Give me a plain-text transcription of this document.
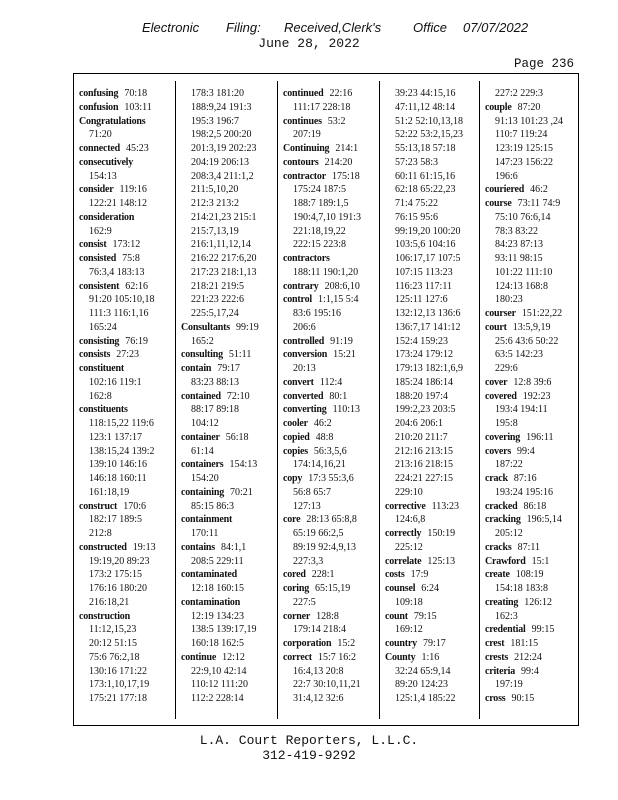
Electronic Filing: Received,Clerk's Office 07/07/2022
June 28, 2022
Page 236
confusing 70:18
confusion 103:11
Congratulations
71:20
connected 45:23
consecutively
154:13
consider 119:16
122:21 148:12
consideration
162:9
consist 173:12
consisted 75:8
76:3,4 183:13
consistent 62:16
91:20 105:10,18
111:3 116:1,16
165:24
consisting 76:19
consists 27:23
constituent
102:16 119:1
162:8
constituents
118:15,22 119:6
123:1 137:17
138:15,24 139:2
139:10 146:16
146:18 160:11
161:18,19
construct 170:6
182:17 189:5
212:8
constructed 19:13
19:19,20 89:23
173:2 175:15
176:16 180:20
216:18,21
construction
11:12,15,23
20:12 51:15
75:6 76:2,18
130:16 171:22
173:1,10,17,19
175:21 177:18
178:3 181:20
188:9,24 191:3
195:3 196:7
198:2,5 200:20
201:3,19 202:23
204:19 206:13
208:3,4 211:1,2
211:5,10,20
212:3 213:2
214:21,23 215:1
215:7,13,19
216:1,11,12,14
216:22 217:6,20
217:23 218:1,13
218:21 219:5
221:23 222:6
225:5,17,24
Consultants 99:19
165:2
consulting 51:11
contain 79:17
83:23 88:13
contained 72:10
88:17 89:18
104:12
container 56:18
61:14
containers 154:13
154:20
containing 70:21
85:15 86:3
containment
170:11
contains 84:1,1
208:5 229:11
contaminated
12:18 160:15
contamination
12:19 134:23
138:5 139:17,19
160:18 162:5
continue 12:12
22:9,10 42:14
110:12 111:20
112:2 228:14
continued 22:16
111:17 228:18
continues 53:2
207:19
Continuing 214:1
contours 214:20
contractor 175:18
175:24 187:5
188:7 189:1,5
190:4,7,10 191:3
221:18,19,22
222:15 223:8
contractors
188:11 190:1,20
contrary 208:6,10
control 1:1,15 5:4
83:6 195:16
206:6
controlled 91:19
conversion 15:21
20:13
convert 112:4
converted 80:1
converting 110:13
cooler 46:2
copied 48:8
copies 56:3,5,6
174:14,16,21
copy 17:3 55:3,6
56:8 65:7
127:13
core 28:13 65:8,8
65:19 66:2,5
89:19 92:4,9,13
227:3,3
cored 228:1
coring 65:15,19
227:5
corner 128:8
179:14 218:4
corporation 15:2
correct 15:7 16:2
16:4,13 20:8
22:7 30:10,11,21
31:4,12 32:6
39:23 44:15,16
47:11,12 48:14
51:2 52:10,13,18
52:22 53:2,15,23
55:13,18 57:18
57:23 58:3
60:11 61:15,16
62:18 65:22,23
71:4 75:22
76:15 95:6
99:19,20 100:20
103:5,6 104:16
106:17,17 107:5
107:15 113:23
116:23 117:11
125:11 127:6
132:12,13 136:6
136:7,17 141:12
152:4 159:23
173:24 179:12
179:13 182:1,6,9
185:24 186:14
188:20 197:4
199:2,23 203:5
204:6 206:1
210:20 211:7
212:16 213:15
213:16 218:15
224:21 227:15
229:10
corrective 113:23
124:6,8
correctly 150:19
225:12
correlate 125:13
costs 17:9
counsel 6:24
109:18
count 79:15
169:12
country 79:17
County 1:16
32:24 65:9,14
89:20 124:23
125:1,4 185:22
227:2 229:3
couple 87:20
91:13 101:23 ,24
110:7 119:24
123:19 125:15
147:23 156:22
196:6
couriered 46:2
course 73:11 74:9
75:10 76:6,14
78:3 83:22
84:23 87:13
93:11 98:15
101:22 111:10
124:13 168:8
180:23
courser 151:22,22
court 13:5,9,19
25:6 43:6 50:22
63:5 142:23
229:6
cover 12:8 39:6
covered 192:23
193:4 194:11
195:8
covering 196:11
covers 99:4
187:22
crack 87:16
193:24 195:16
cracked 86:18
cracking 196:5,14
205:12
cracks 87:11
Crawford 15:1
create 108:19
154:18 183:8
creating 126:12
162:3
credential 99:15
crest 181:15
crests 212:24
criteria 99:4
197:19
cross 90:15
L.A. Court Reporters, L.L.C.
312-419-9292
